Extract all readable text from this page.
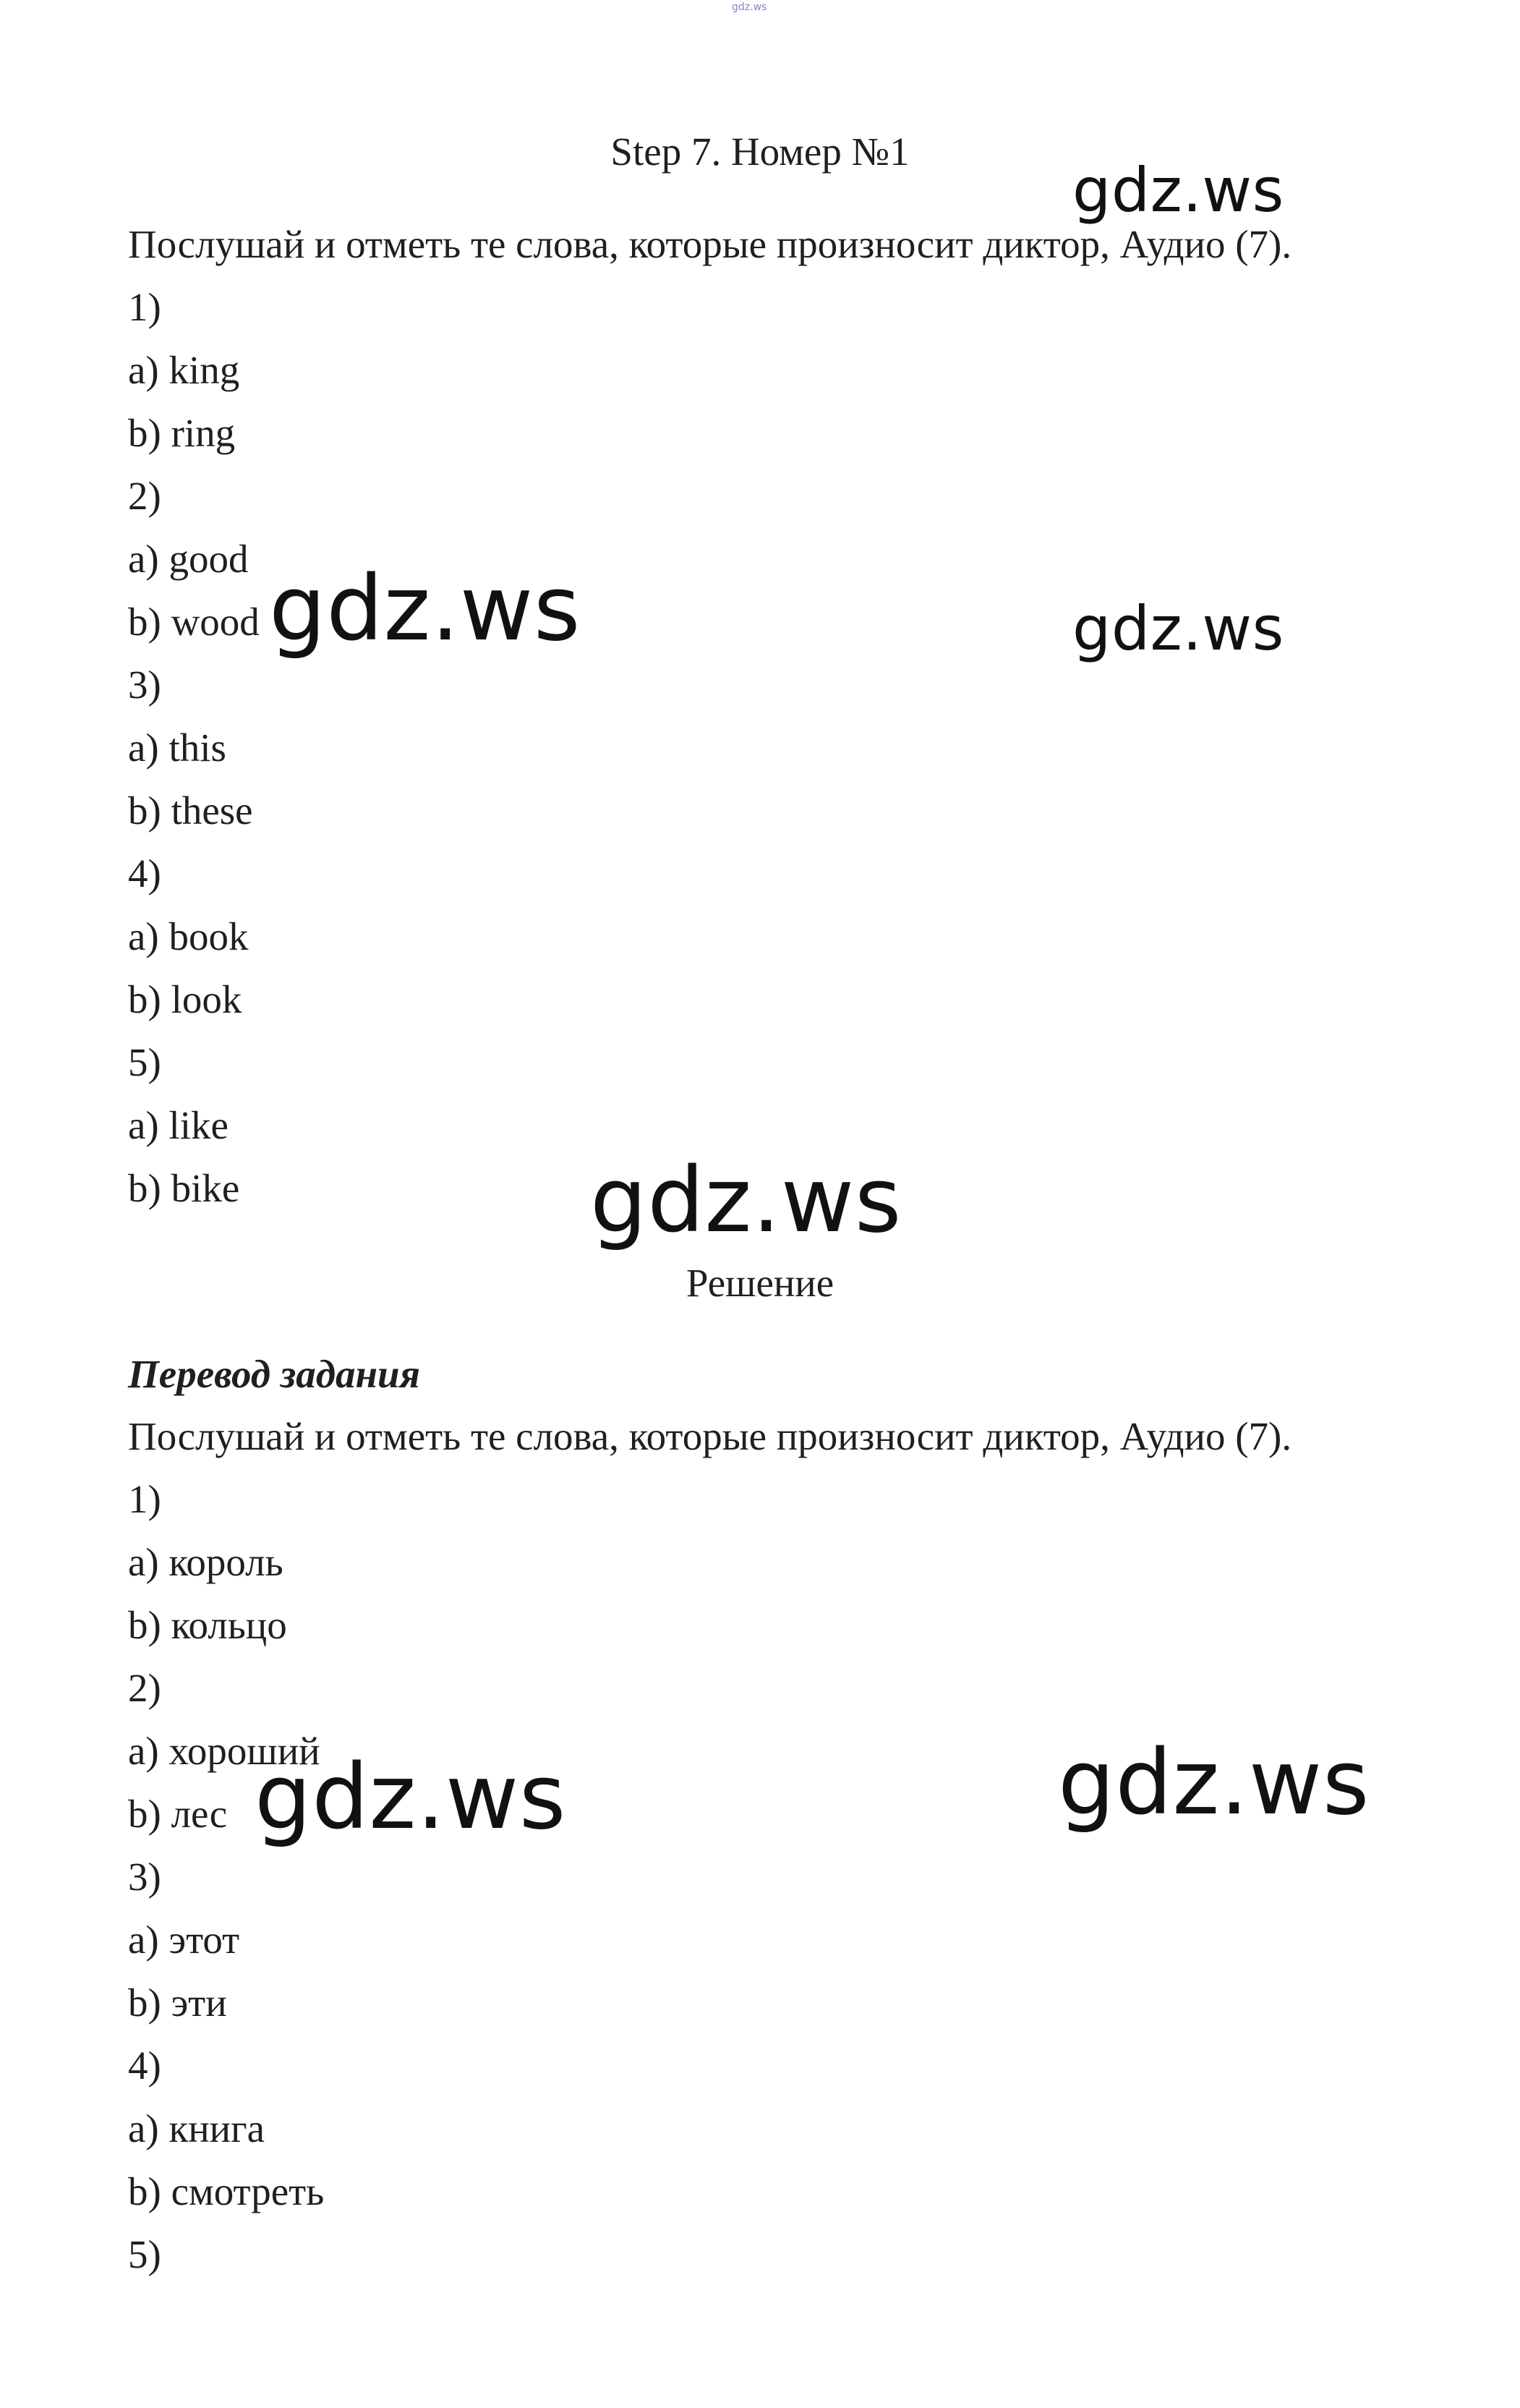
gdz.ws
Step 7. Номер №1
Послушай и отметь те слова, которые произносит диктор, Аудио (7).
1)
a) king
b) ring
2)
a) good
b) wood
3)
a) this
b) these
4)
a) book
b) look
5)
a) like
b) bike
Решение
Перевод задания
Послушай и отметь те слова, которые произносит диктор, Аудио (7).
1)
a) король
b) кольцо
2)
a) хороший
b) лес
3)
a) этот
b) эти
4)
a) книга
b) смотреть
5)
gdz.ws
gdz.ws	gdz.ws
gdz.ws
gdz.ws	gdz.ws
